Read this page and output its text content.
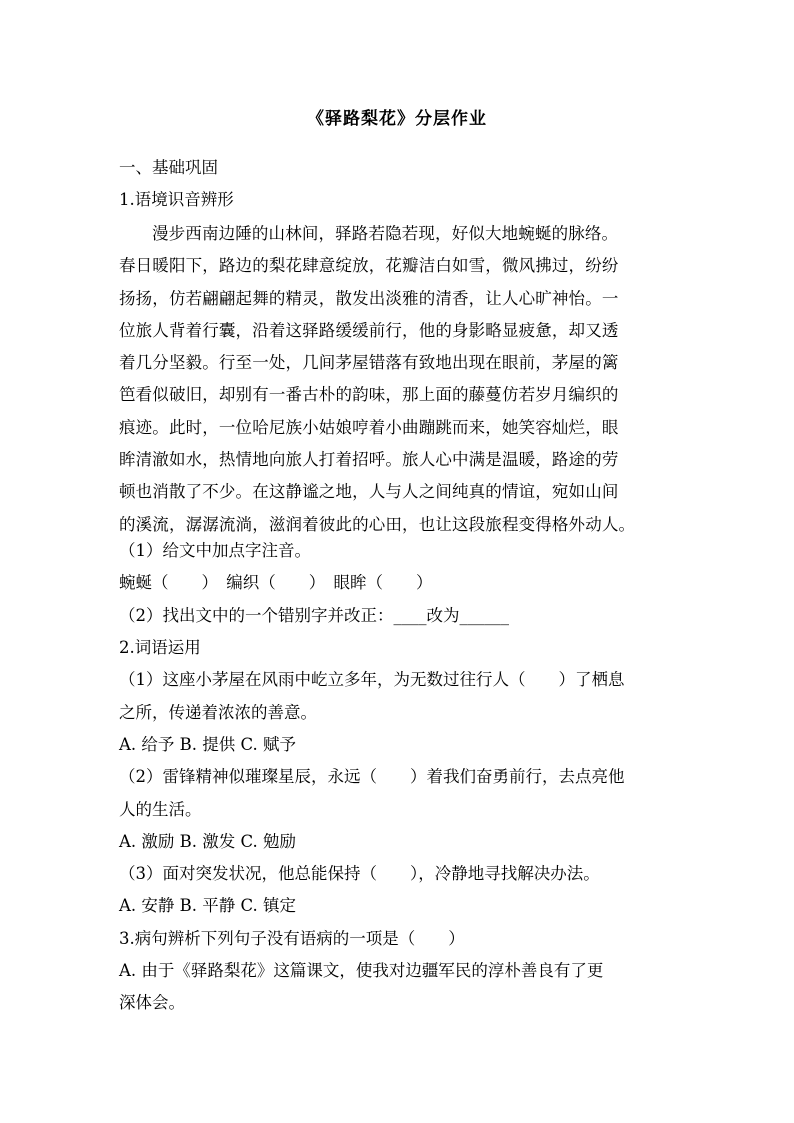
《驿路梨花》分层作业
一、基础巩固
1.语境识音辨形
漫步西南边陲的山林间，驿路若隐若现，好似大地蜿蜒的脉络。
春日暖阳下，路边的梨花肆意绽放，花瓣洁白如雪，微风拂过，纷纷
扬扬，仿若翩翩起舞的精灵，散发出淡雅的清香，让人心旷神怡。一
位旅人背着行囊，沿着这驿路缓缓前行，他的身影略显疲惫，却又透
着几分坚毅。行至一处，几间茅屋错落有致地出现在眼前，茅屋的篱
笆看似破旧，却别有一番古朴的韵味，那上面的藤蔓仿若岁月编织的
痕迹。此时，一位哈尼族小姑娘哼着小曲蹦跳而来，她笑容灿烂，眼
眸清澈如水，热情地向旅人打着招呼。旅人心中满是温暖，路途的劳
顿也消散了不少。在这静谧之地，人与人之间纯真的情谊，宛如山间
的溪流，潺潺流淌，滋润着彼此的心田，也让这段旅程变得格外动人。
（1）给文中加点字注音。
蜿蜒（　　）　编织（　　）　眼眸（　　）
（2）找出文中的一个错别字并改正：____改为______
2.词语运用
（1）这座小茅屋在风雨中屹立多年，为无数过往行人（　　）了栖息
之所，传递着浓浓的善意。
A. 给予 B. 提供 C. 赋予
（2）雷锋精神似璀璨星辰，永远（　　）着我们奋勇前行，去点亮他
人的生活。
A. 激励 B. 激发 C. 勉励
（3）面对突发状况，他总能保持（　　），冷静地寻找解决办法。
A. 安静 B. 平静 C. 镇定
3.病句辨析下列句子没有语病的一项是（　　）
A. 由于《驿路梨花》这篇课文，使我对边疆军民的淳朴善良有了更
深体会。
